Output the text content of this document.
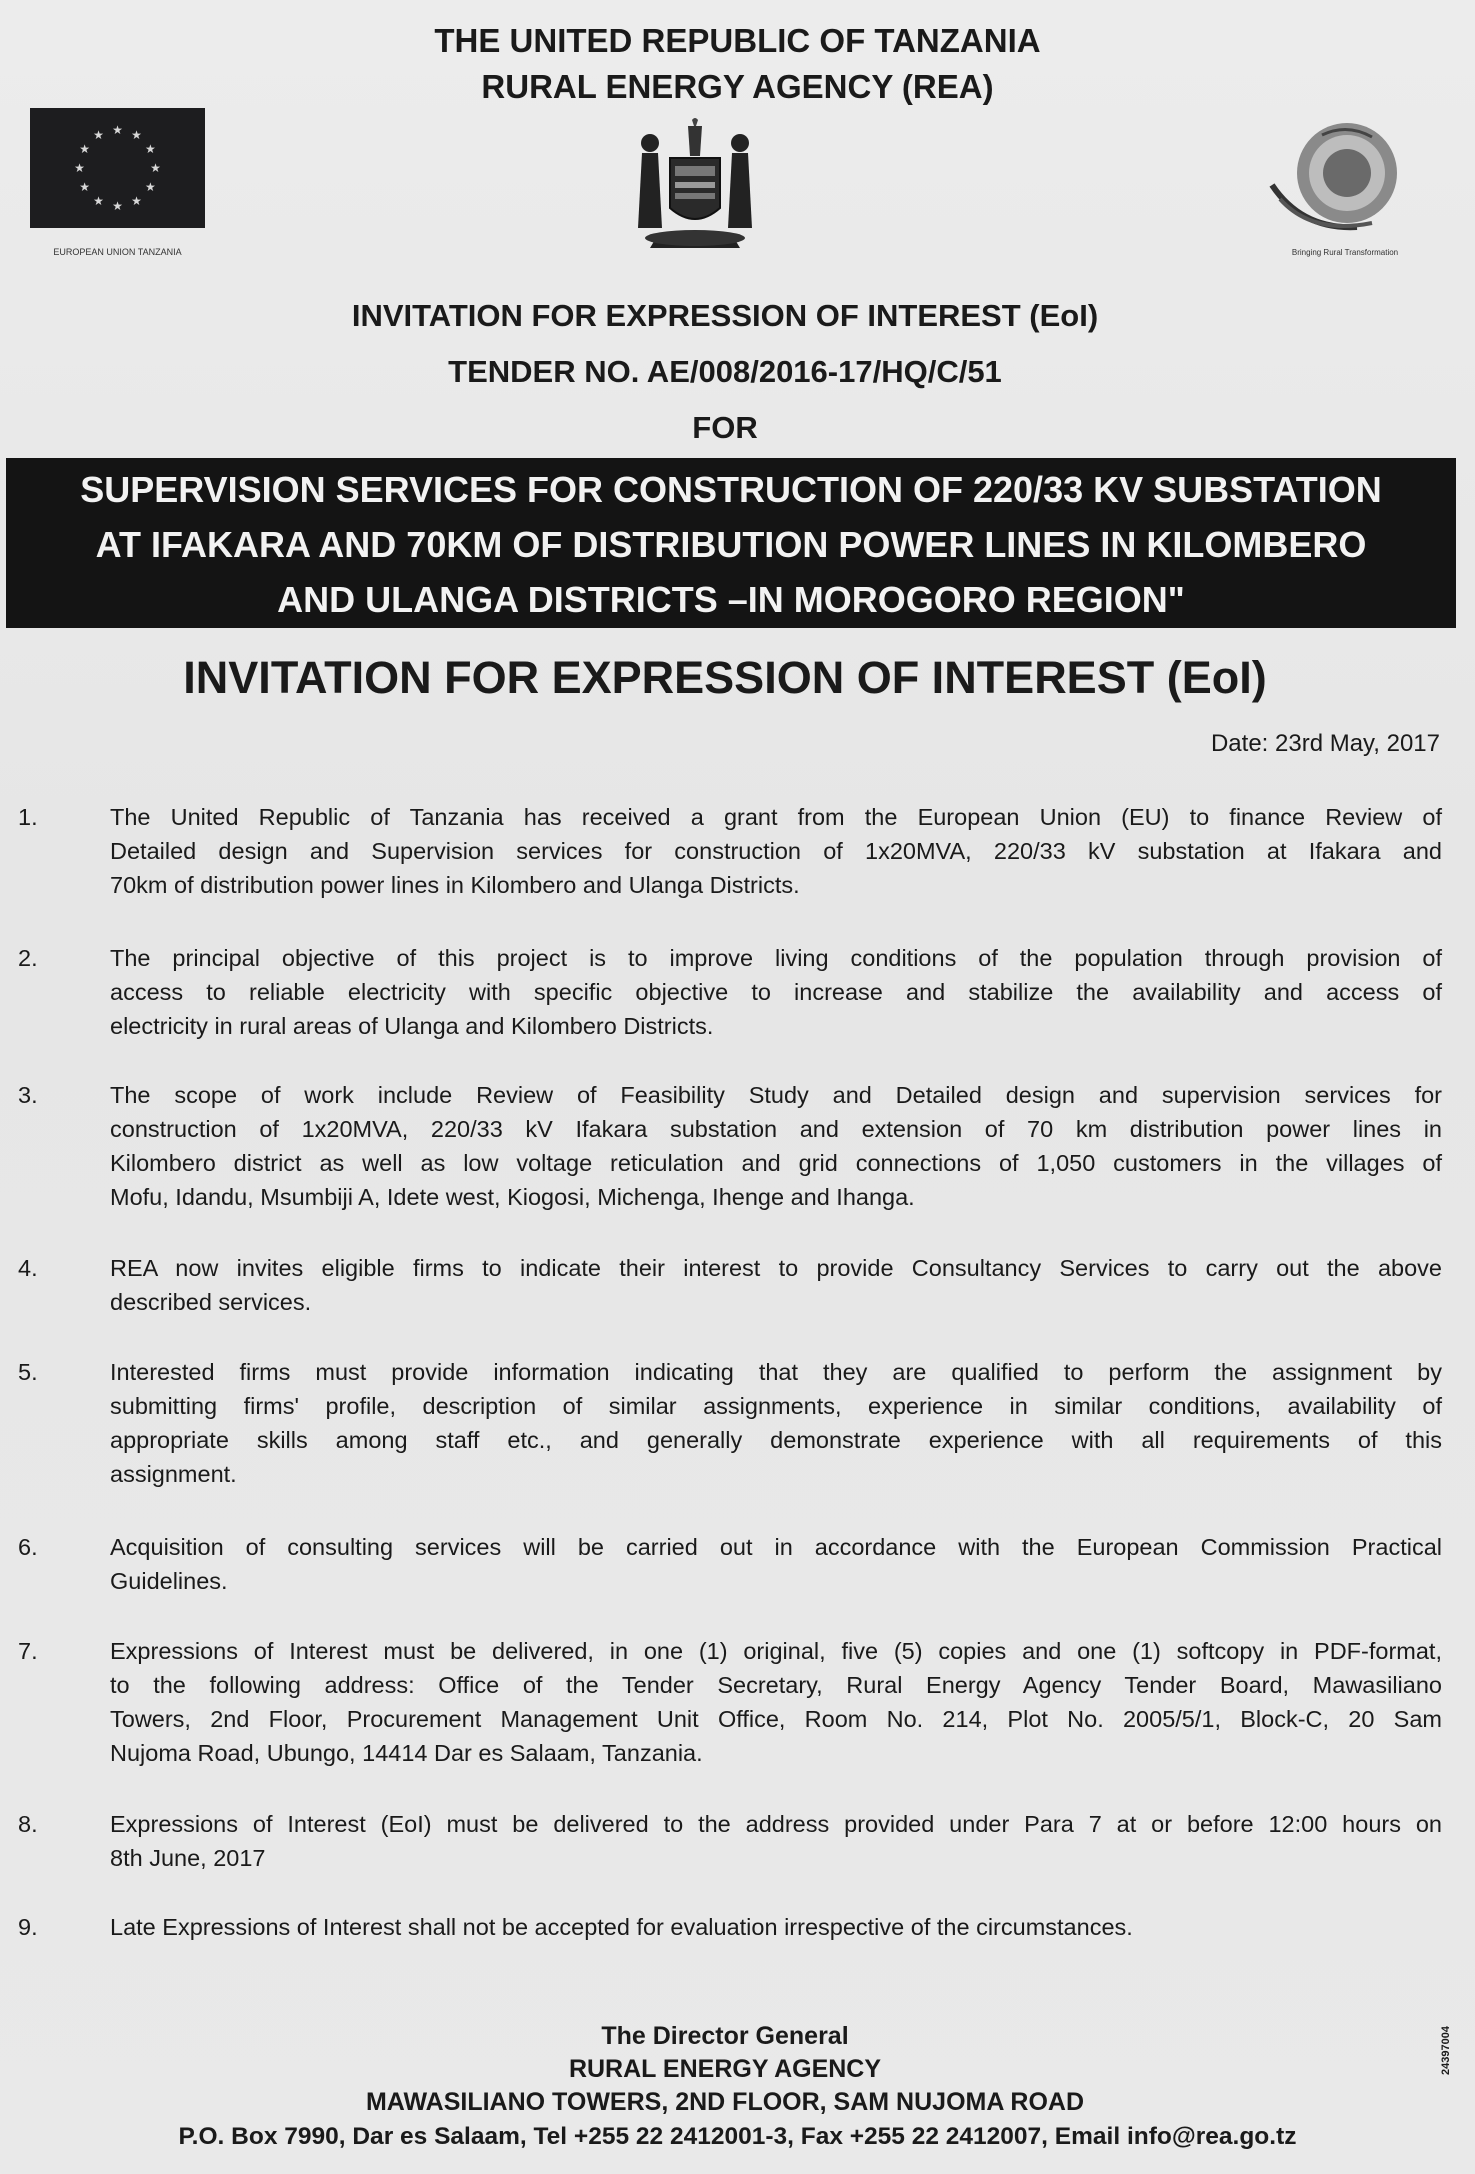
THE UNITED REPUBLIC OF TANZANIA
RURAL ENERGY AGENCY (REA)
★ ★
★
★
★
★
★
★
★
★
★
★
EUROPEAN UNION TANZANIA	Bringing Rural Transformation
INVITATION FOR EXPRESSION OF INTEREST (EoI)
TENDER NO. AE/008/2016-17/HQ/C/51
FOR
SUPERVISION SERVICES FOR CONSTRUCTION OF 220/33 KV SUBSTATION
AT IFAKARA AND 70KM OF DISTRIBUTION POWER LINES IN KILOMBERO
AND ULANGA DISTRICTS –IN MOROGORO REGION"
INVITATION FOR EXPRESSION OF INTEREST (EoI)
Date: 23rd May, 2017
1.	The United Republic of Tanzania has received a grant from the European Union (EU) to finance Review of
Detailed design and Supervision services for construction of 1x20MVA, 220/33 kV substation at Ifakara and
70km of distribution power lines in Kilombero and Ulanga Districts.
2.	The principal objective of this project is to improve living conditions of the population through provision of
access to reliable electricity with specific objective to increase and stabilize the availability and access of
electricity in rural areas of Ulanga and Kilombero Districts.
3.	The scope of work include Review of Feasibility Study and Detailed design and supervision services for
construction of 1x20MVA, 220/33 kV Ifakara substation and extension of 70 km distribution power lines in
Kilombero district as well as low voltage reticulation and grid connections of 1,050 customers in the villages of
Mofu, Idandu, Msumbiji A, Idete west, Kiogosi, Michenga, Ihenge and Ihanga.
4.	REA now invites eligible firms to indicate their interest to provide Consultancy Services to carry out the above
described services.
5.	Interested firms must provide information indicating that they are qualified to perform the assignment by
submitting firms' profile, description of similar assignments, experience in similar conditions, availability of
appropriate skills among staff etc., and generally demonstrate experience with all requirements of this
assignment.
6.	Acquisition of consulting services will be carried out in accordance with the European Commission Practical
Guidelines.
7.	Expressions of Interest must be delivered, in one (1) original, five (5) copies and one (1) softcopy in PDF-format,
to the following address: Office of the Tender Secretary, Rural Energy Agency Tender Board, Mawasiliano
Towers, 2nd Floor, Procurement Management Unit Office, Room No. 214, Plot No. 2005/5/1, Block-C, 20 Sam
Nujoma Road, Ubungo, 14414 Dar es Salaam, Tanzania.
8.	Expressions of Interest (EoI) must be delivered to the address provided under Para 7 at or before 12:00 hours on
8th June, 2017
9.	Late Expressions of Interest shall not be accepted for evaluation irrespective of the circumstances.
The Director General
RURAL ENERGY AGENCY
MAWASILIANO TOWERS, 2ND FLOOR, SAM NUJOMA ROAD
P.O. Box 7990, Dar es Salaam, Tel +255 22 2412001-3, Fax +255 22 2412007, Email info@rea.go.tz
24397004
